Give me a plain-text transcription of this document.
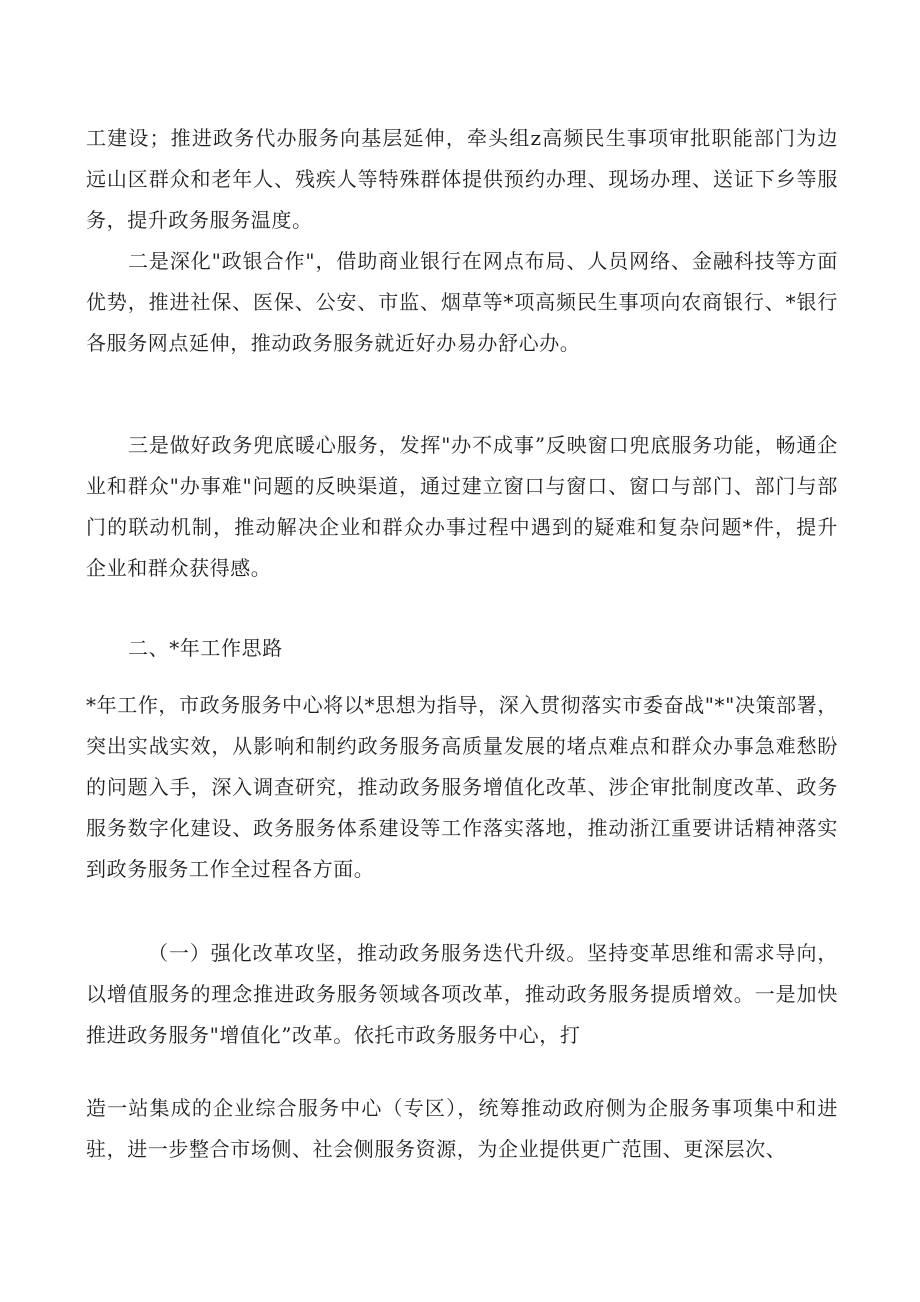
工建设；推进政务代办服务向基层延伸，牵头组z高频民生事项审批职能部门为边远山区群众和老年人、残疾人等特殊群体提供预约办理、现场办理、送证下乡等服务，提升政务服务温度。

二是深化"政银合作"，借助商业银行在网点布局、人员网络、金融科技等方面优势，推进社保、医保、公安、市监、烟草等*项高频民生事项向农商银行、*银行各服务网点延伸，推动政务服务就近好办易办舒心办。

三是做好政务兜底暖心服务，发挥"办不成事”反映窗口兜底服务功能，畅通企业和群众"办事难"问题的反映渠道，通过建立窗口与窗口、窗口与部门、部门与部门的联动机制，推动解决企业和群众办事过程中遇到的疑难和复杂问题*件，提升企业和群众获得感。

二、*年工作思路

*年工作，市政务服务中心将以*思想为指导，深入贯彻落实市委奋战"*"决策部署，突出实战实效，从影响和制约政务服务高质量发展的堵点难点和群众办事急难愁盼的问题入手，深入调查研究，推动政务服务增值化改革、涉企审批制度改革、政务服务数字化建设、政务服务体系建设等工作落实落地，推动浙江重要讲话精神落实到政务服务工作全过程各方面。

（一）强化改革攻坚，推动政务服务迭代升级。坚持变革思维和需求导向，以增值服务的理念推进政务服务领域各项改革，推动政务服务提质增效。一是加快推进政务服务"增值化”改革。依托市政务服务中心，打

造一站集成的企业综合服务中心（专区），统筹推动政府侧为企服务事项集中和进驻，进一步整合市场侧、社会侧服务资源，为企业提供更广范围、更深层次、
